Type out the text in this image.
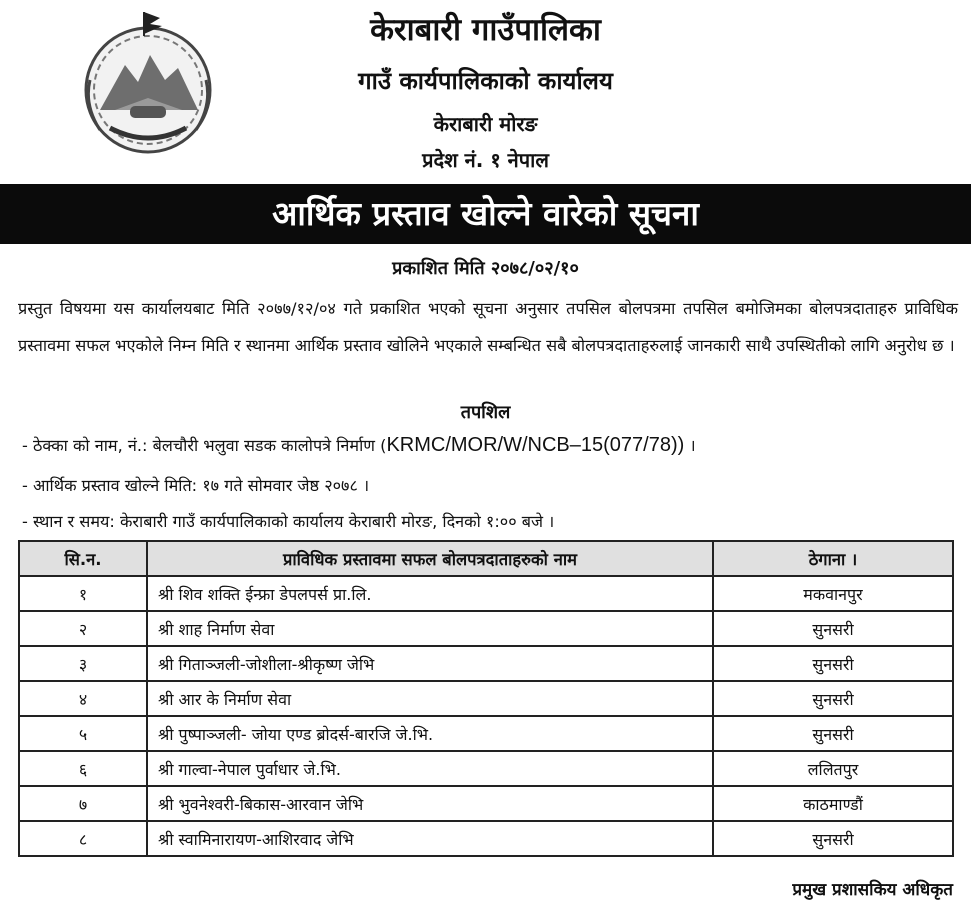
केराबारी गाउँपालिका
गाउँ कार्यपालिकाको कार्यालय
केराबारी मोरङ
प्रदेश नं. १ नेपाल
आर्थिक प्रस्ताव खोल्ने वारेको सूचना
प्रकाशित मिति २०७८/०२/१०
प्रस्तुत विषयमा यस कार्यालयबाट मिति २०७७/१२/०४ गते प्रकाशित भएको सूचना अनुसार तपसिल बोलपत्रमा तपसिल बमोजिमका बोलपत्रदाताहरु प्राविधिक प्रस्तावमा सफल भएकोले निम्न मिति र स्थानमा आर्थिक प्रस्ताव खोलिने भएकाले सम्बन्धित सबै बोलपत्रदाताहरुलाई जानकारी साथै उपस्थितीको लागि अनुरोध छ ।
तपशिल
- ठेक्का को नाम, नं.: बेलचौरी भलुवा सडक कालोपत्रे निर्माण (KRMC/MOR/W/NCB–15(077/78)) ।
- आर्थिक प्रस्ताव खोल्ने मिति: १७ गते सोमवार जेष्ठ २०७८ ।
- स्थान र समय: केराबारी गाउँ कार्यपालिकाको कार्यालय केराबारी मोरङ, दिनको १:०० बजे ।
सि.न.	प्राविधिक प्रस्तावमा सफल बोलपत्रदाताहरुको नाम	ठेगाना ।
१	श्री शिव शक्ति ईन्फ्रा डेपलपर्स प्रा.लि.	मकवानपुर
२	श्री शाह निर्माण सेवा	सुनसरी
३	श्री गिताञ्जली-जोशीला-श्रीकृष्ण जेभि	सुनसरी
४	श्री आर के निर्माण सेवा	सुनसरी
५	श्री पुष्पाञ्जली- जोया एण्ड ब्रोदर्स-बारजि जे.भि.	सुनसरी
६	श्री गाल्वा-नेपाल पुर्वाधार जे.भि.	ललितपुर
७	श्री भुवनेश्वरी-बिकास-आरवान जेभि	काठमाण्डौं
८	श्री स्वामिनारायण-आशिरवाद जेभि	सुनसरी
प्रमुख प्रशासकिय अधिकृत
